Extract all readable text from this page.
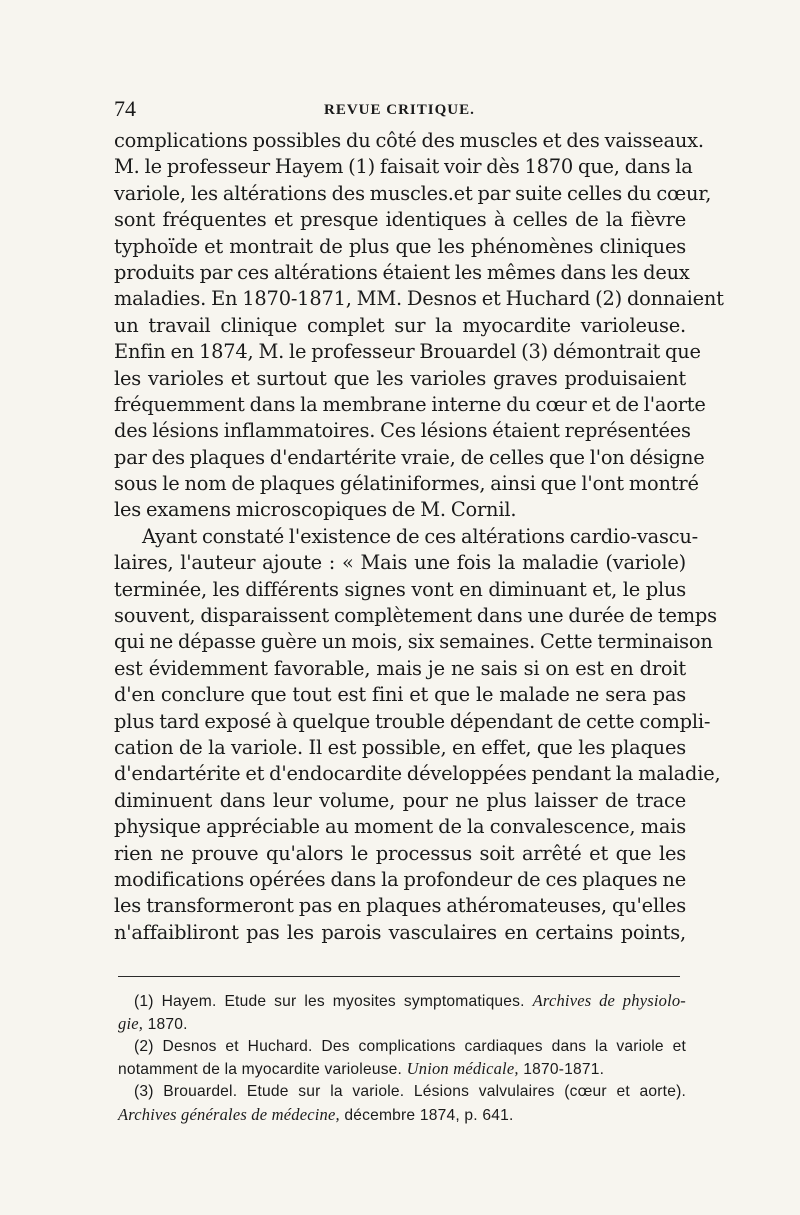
74	REVUE CRITIQUE.
complications possibles du côté des muscles et des vaisseaux.
M. le professeur Hayem (1) faisait voir dès 1870 que, dans la
variole, les altérations des muscles.et par suite celles du cœur,
sont fréquentes et presque identiques à celles de la fièvre
typhoïde et montrait de plus que les phénomènes cliniques
produits par ces altérations étaient les mêmes dans les deux
maladies. En 1870-1871, MM. Desnos et Huchard (2) donnaient
un travail clinique complet sur la myocardite varioleuse.
Enfin en 1874, M. le professeur Brouardel (3) démontrait que
les varioles et surtout que les varioles graves produisaient
fréquemment dans la membrane interne du cœur et de l'aorte
des lésions inflammatoires. Ces lésions étaient représentées
par des plaques d'endartérite vraie, de celles que l'on désigne
sous le nom de plaques gélatiniformes, ainsi que l'ont montré
les examens microscopiques de M. Cornil.
Ayant constaté l'existence de ces altérations cardio-vascu-
laires, l'auteur ajoute : « Mais une fois la maladie (variole)
terminée, les différents signes vont en diminuant et, le plus
souvent, disparaissent complètement dans une durée de temps
qui ne dépasse guère un mois, six semaines. Cette terminaison
est évidemment favorable, mais je ne sais si on est en droit
d'en conclure que tout est fini et que le malade ne sera pas
plus tard exposé à quelque trouble dépendant de cette compli-
cation de la variole. Il est possible, en effet, que les plaques
d'endartérite et d'endocardite développées pendant la maladie,
diminuent dans leur volume, pour ne plus laisser de trace
physique appréciable au moment de la convalescence, mais
rien ne prouve qu'alors le processus soit arrêté et que les
modifications opérées dans la profondeur de ces plaques ne
les transformeront pas en plaques athéromateuses, qu'elles
n'affaibliront pas les parois vasculaires en certains points,
(1) Hayem. Etude sur les myosites symptomatiques. Archives de physiolo-
gie, 1870.
(2) Desnos et Huchard. Des complications cardiaques dans la variole et
notamment de la myocardite varioleuse. Union médicale, 1870-1871.
(3) Brouardel. Etude sur la variole. Lésions valvulaires (cœur et aorte).
Archives générales de médecine, décembre 1874, p. 641.
